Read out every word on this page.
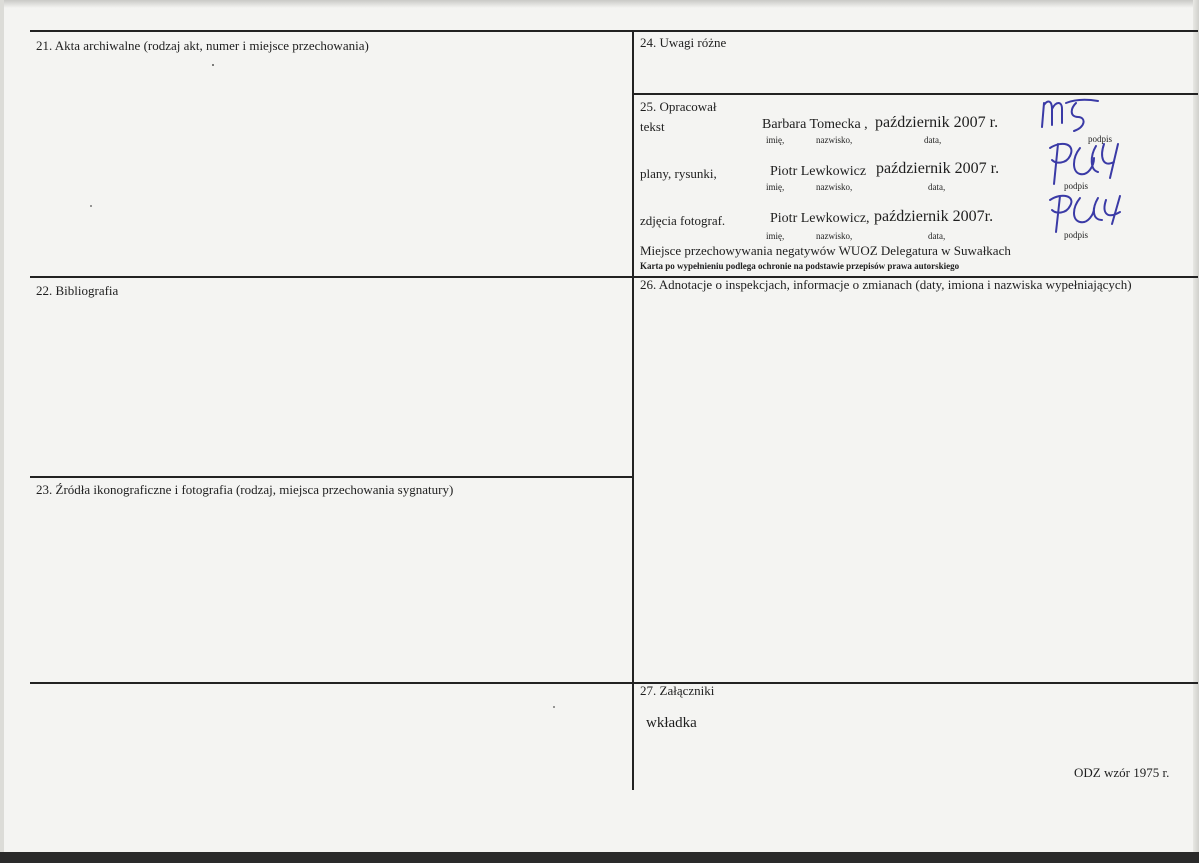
21. Akta archiwalne (rodzaj akt, numer i miejsce przechowania)	24. Uwagi różne
25. Opracował
22. Bibliografia	26. Adnotacje o inspekcjach, informacje o zmianach (daty, imiona i nazwiska wypełniających)
23. Źródła ikonograficzne i fotografia (rodzaj, miejsca przechowania sygnatury)
27. Załączniki
tekst	Barbara Tomecka , październik 2007 r.
imię,	nazwisko,	data,	podpis
plany, rysunki,	Piotr Lewkowicz październik 2007 r.
imię,	nazwisko,	data,	podpis
zdjęcia fotograf.	Piotr Lewkowicz, październik 2007r.
imię,	nazwisko,	data,	podpis
Miejsce przechowywania negatywów WUOZ Delegatura w Suwałkach
Karta po wypełnieniu podlega ochronie na podstawie przepisów prawa autorskiego
wkładka
ODZ wzór 1975 r.
